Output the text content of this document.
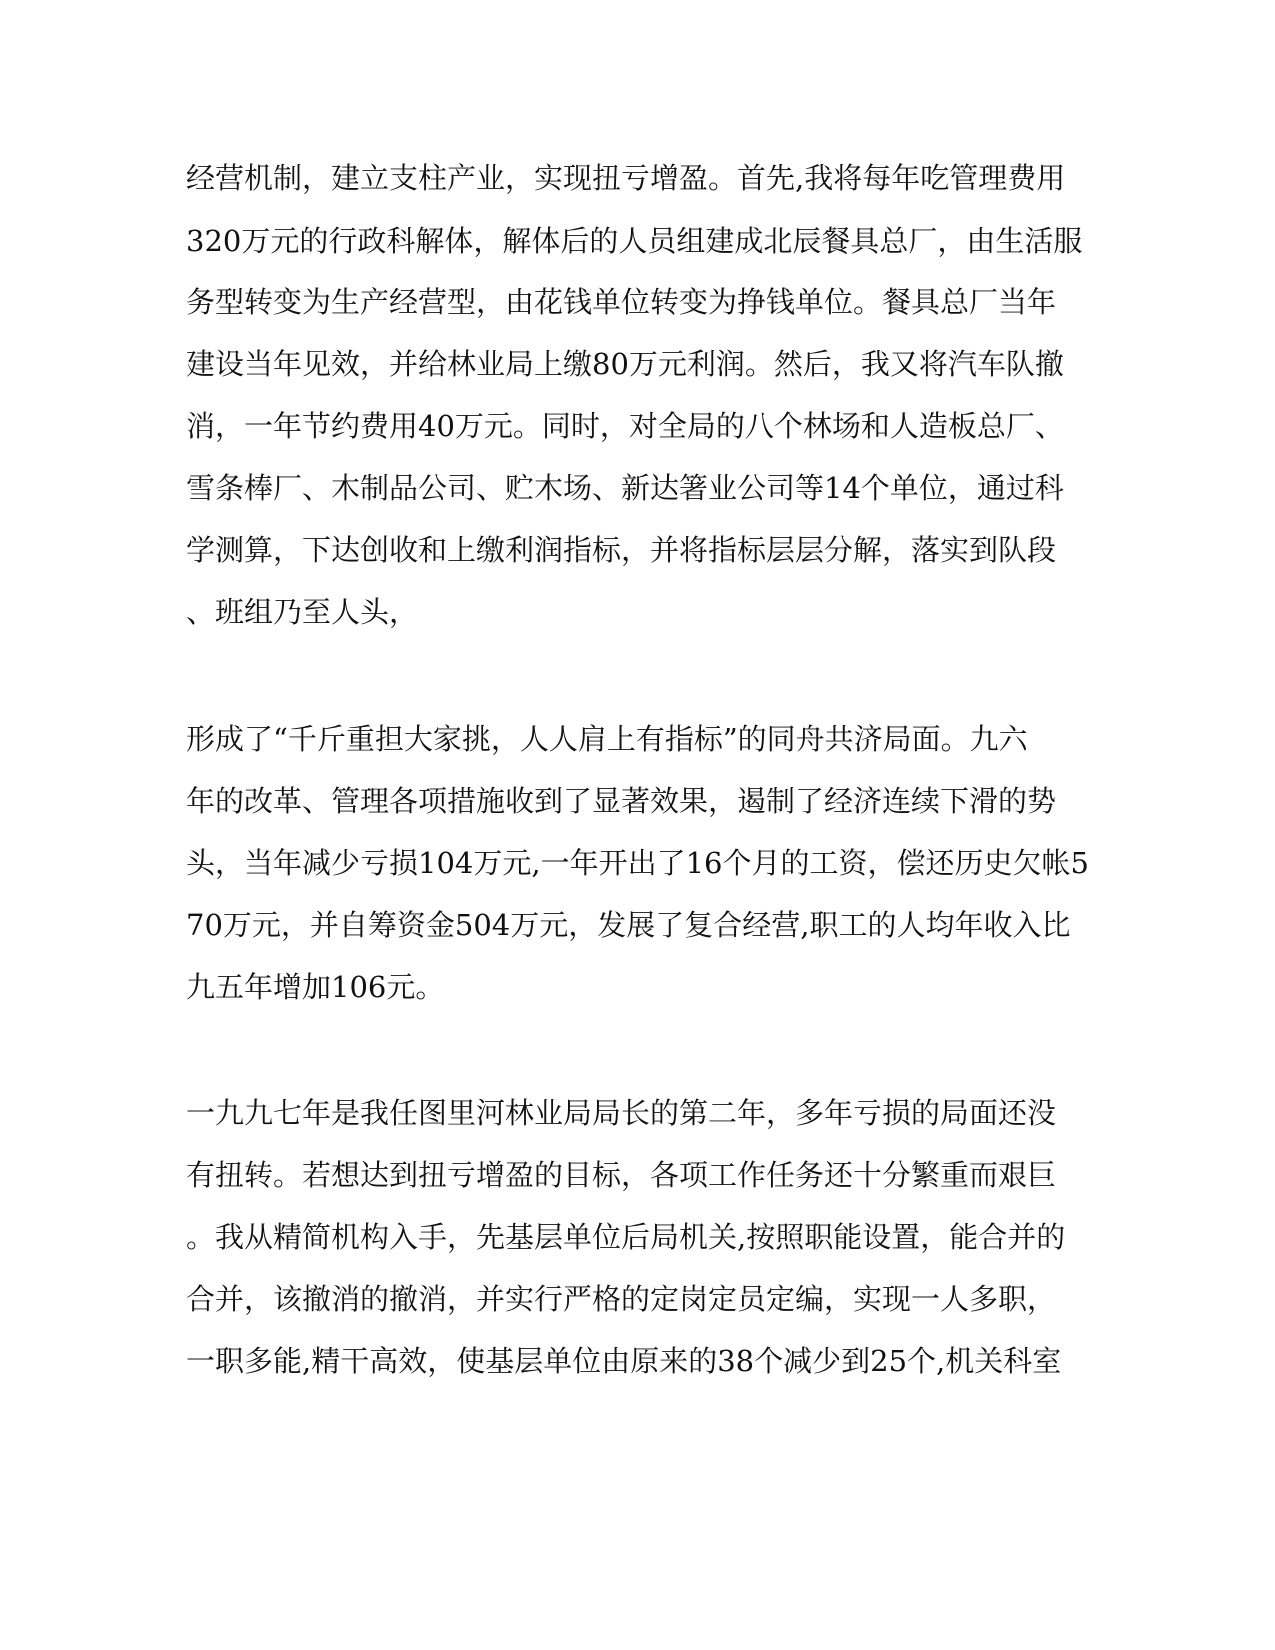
经营机制，建立支柱产业，实现扭亏增盈。首先,我将每年吃管理费用

320万元的行政科解体，解体后的人员组建成北辰餐具总厂，由生活服

务型转变为生产经营型，由花钱单位转变为挣钱单位。餐具总厂当年

建设当年见效，并给林业局上缴80万元利润。然后，我又将汽车队撤

消，一年节约费用40万元。同时，对全局的八个林场和人造板总厂、

雪条棒厂、木制品公司、贮木场、新达箸业公司等14个单位，通过科

学测算，下达创收和上缴利润指标，并将指标层层分解，落实到队段

、班组乃至人头，

形成了“千斤重担大家挑，人人肩上有指标”的同舟共济局面。九六

年的改革、管理各项措施收到了显著效果，遏制了经济连续下滑的势

头，当年减少亏损104万元,一年开出了16个月的工资，偿还历史欠帐5

70万元，并自筹资金504万元，发展了复合经营,职工的人均年收入比

九五年增加106元。

一九九七年是我任图里河林业局局长的第二年，多年亏损的局面还没

有扭转。若想达到扭亏增盈的目标，各项工作任务还十分繁重而艰巨

。我从精简机构入手，先基层单位后局机关,按照职能设置，能合并的

合并，该撤消的撤消，并实行严格的定岗定员定编，实现一人多职，

一职多能,精干高效，使基层单位由原来的38个减少到25个,机关科室
